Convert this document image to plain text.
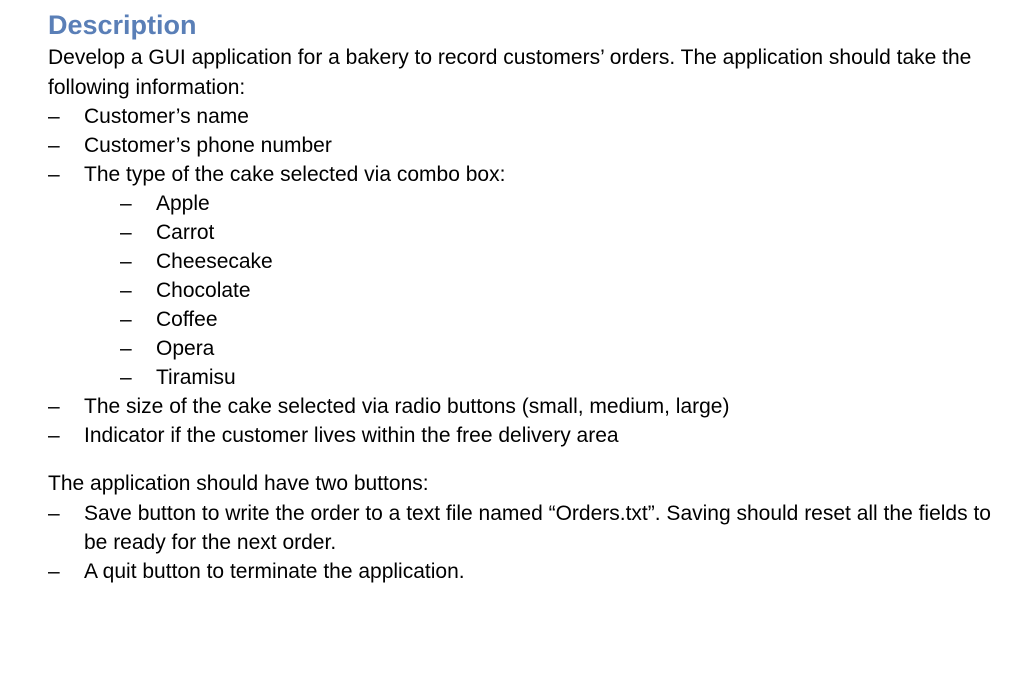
Description

Develop a GUI application for a bakery to record customers’ orders. The application should take the following information:

– Customer’s name
– Customer’s phone number
– The type of the cake selected via combo box:
– Apple
– Carrot
– Cheesecake
– Chocolate
– Coffee
– Opera
– Tiramisu
– The size of the cake selected via radio buttons (small, medium, large)
– Indicator if the customer lives within the free delivery area

The application should have two buttons:

– Save button to write the order to a text file named “Orders.txt”. Saving should reset all the fields to be ready for the next order.
– A quit button to terminate the application.
